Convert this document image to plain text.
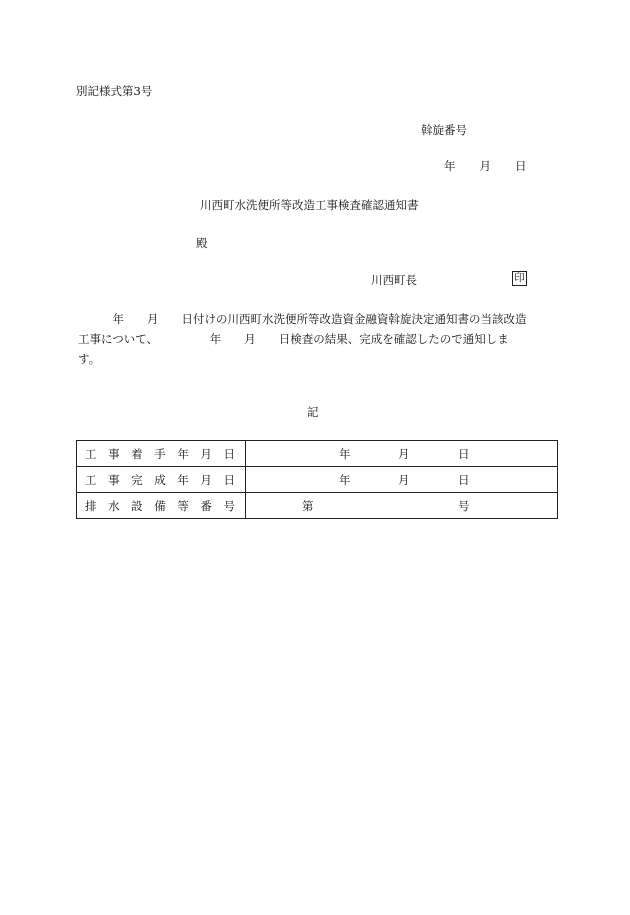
別記様式第3号
斡旋番号
年 月 日
川西町水洗便所等改造工事検査確認通知書
殿
川西町長	印
　　　年　　月　　日付けの川西町水洗便所等改造資金融資斡旋決定通知書の当該改造
工事について、　　　　　年　　月　　日検査の結果、完成を確認したので通知しま
す。
記
工事着手年月日	年 月 日

工事完成年月日	年 月 日

排水設備等番号	第 号
